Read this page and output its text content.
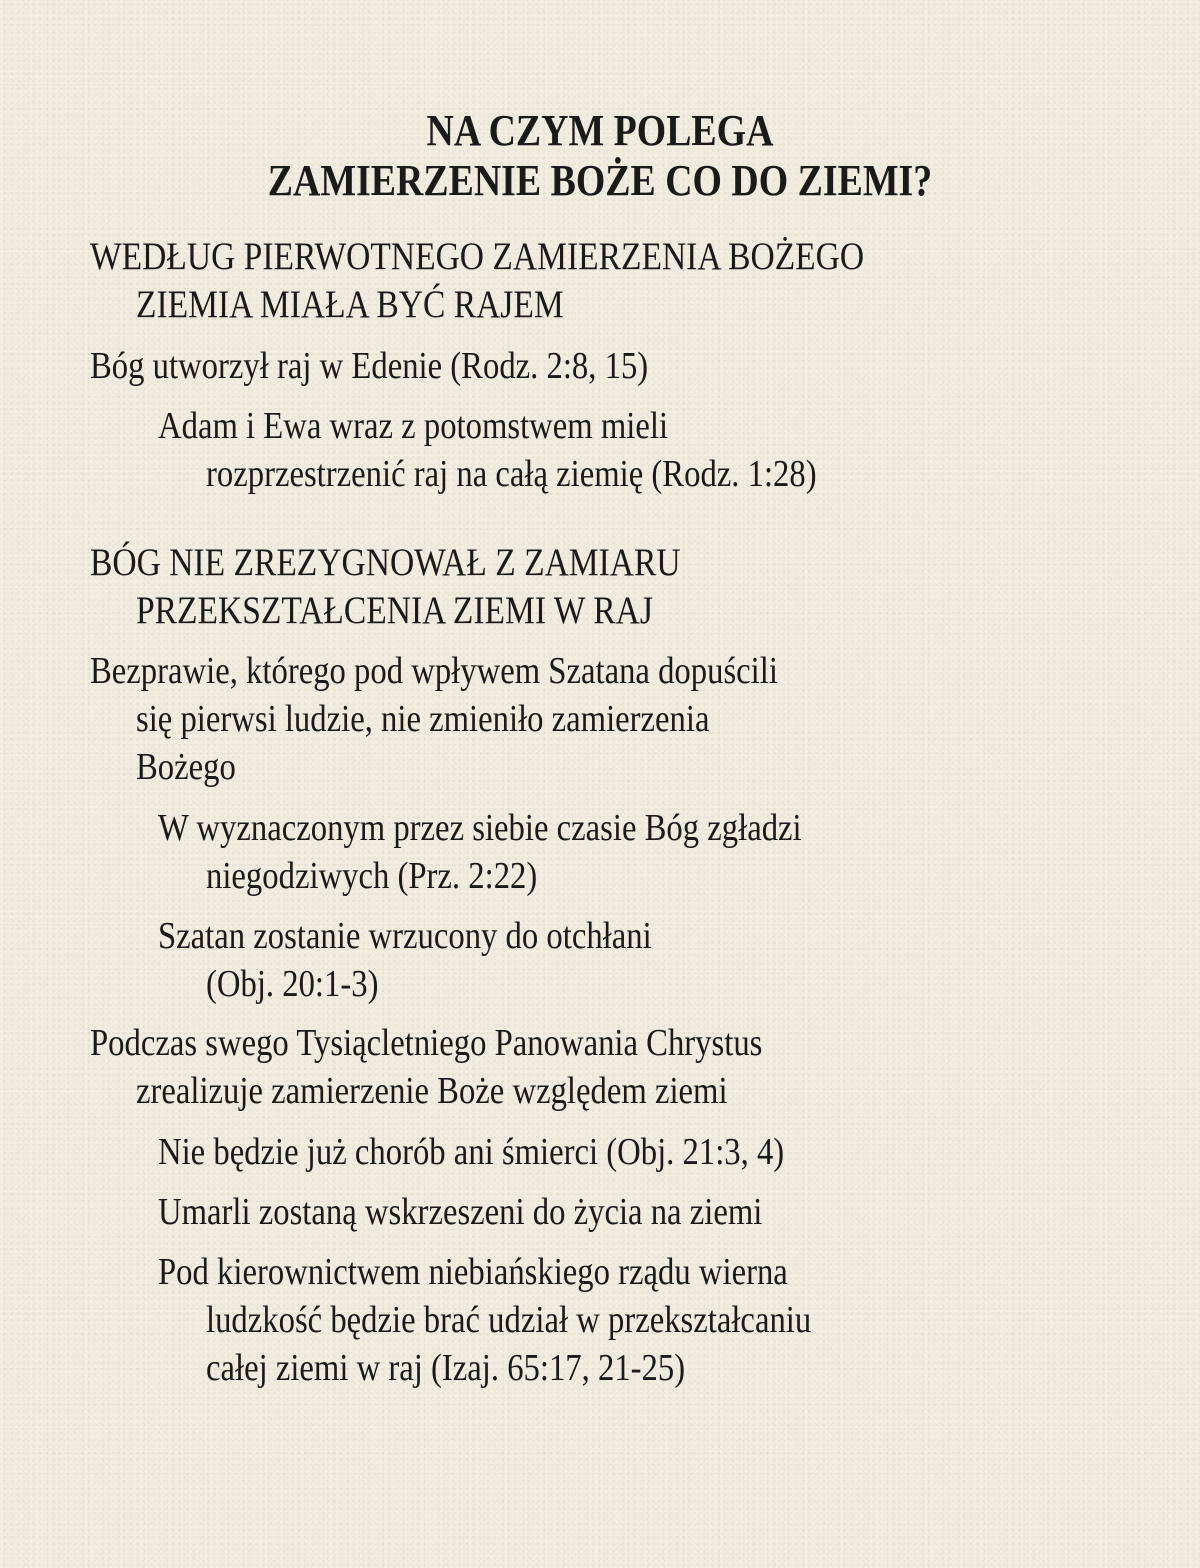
NA CZYM POLEGA
ZAMIERZENIE BOŻE CO DO ZIEMI?
WEDŁUG PIERWOTNEGO ZAMIERZENIA BOŻEGO
ZIEMIA MIAŁA BYĆ RAJEM
Bóg utworzył raj w Edenie (Rodz. 2:8, 15)
Adam i Ewa wraz z potomstwem mieli
rozprzestrzenić raj na całą ziemię (Rodz. 1:28)
BÓG NIE ZREZYGNOWAŁ Z ZAMIARU
PRZEKSZTAŁCENIA ZIEMI W RAJ
Bezprawie, którego pod wpływem Szatana dopuścili
się pierwsi ludzie, nie zmieniło zamierzenia
Bożego
W wyznaczonym przez siebie czasie Bóg zgładzi
niegodziwych (Prz. 2:22)
Szatan zostanie wrzucony do otchłani
(Obj. 20:1-3)
Podczas swego Tysiącletniego Panowania Chrystus
zrealizuje zamierzenie Boże względem ziemi
Nie będzie już chorób ani śmierci (Obj. 21:3, 4)
Umarli zostaną wskrzeszeni do życia na ziemi
Pod kierownictwem niebiańskiego rządu wierna
ludzkość będzie brać udział w przekształcaniu
całej ziemi w raj (Izaj. 65:17, 21-25)
